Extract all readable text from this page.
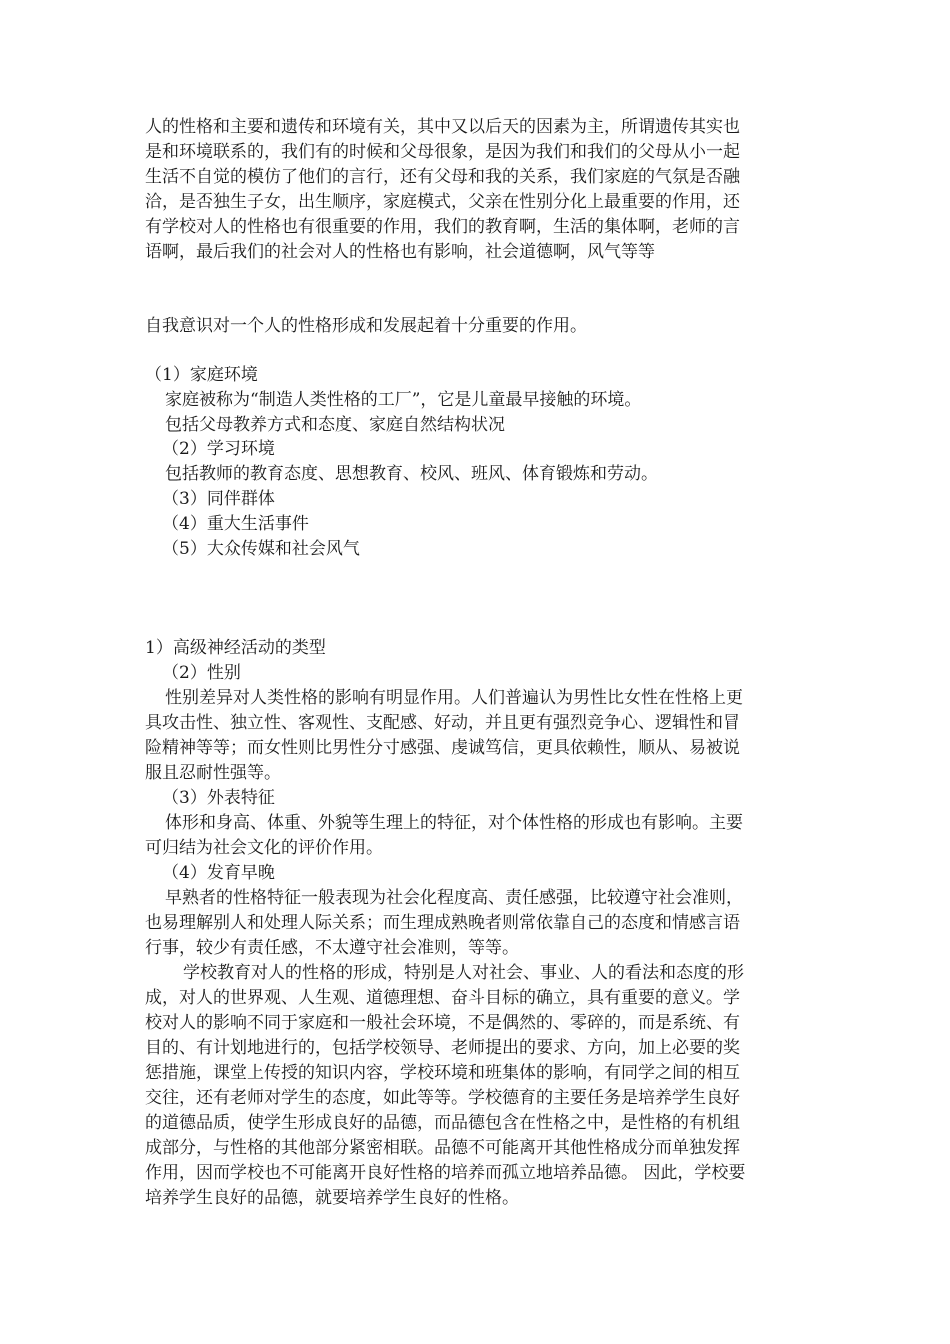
人的性格和主要和遗传和环境有关，其中又以后天的因素为主，所谓遗传其实也
是和环境联系的，我们有的时候和父母很象，是因为我们和我们的父母从小一起
生活不自觉的模仿了他们的言行，还有父母和我的关系，我们家庭的气氛是否融
洽，是否独生子女，出生顺序，家庭模式，父亲在性别分化上最重要的作用，还
有学校对人的性格也有很重要的作用，我们的教育啊，生活的集体啊，老师的言
语啊，最后我们的社会对人的性格也有影响，社会道德啊，风气等等
自我意识对一个人的性格形成和发展起着十分重要的作用。
（1）家庭环境
家庭被称为“制造人类性格的工厂”，它是儿童最早接触的环境。
包括父母教养方式和态度、家庭自然结构状况
（2）学习环境
包括教师的教育态度、思想教育、校风、班风、体育锻炼和劳动。
（3）同伴群体
（4）重大生活事件
（5）大众传媒和社会风气
1）高级神经活动的类型
（2）性别
性别差异对人类性格的影响有明显作用。人们普遍认为男性比女性在性格上更
具攻击性、独立性、客观性、支配感、好动，并且更有强烈竞争心、逻辑性和冒
险精神等等；而女性则比男性分寸感强、虔诚笃信，更具依赖性，顺从、易被说
服且忍耐性强等。
（3）外表特征
体形和身高、体重、外貌等生理上的特征，对个体性格的形成也有影响。主要
可归结为社会文化的评价作用。
（4）发育早晚
早熟者的性格特征一般表现为社会化程度高、责任感强，比较遵守社会准则，
也易理解别人和处理人际关系；而生理成熟晚者则常依靠自己的态度和情感言语
行事，较少有责任感，不太遵守社会准则，等等。
学校教育对人的性格的形成，特别是人对社会、事业、人的看法和态度的形
成，对人的世界观、人生观、道德理想、奋斗目标的确立，具有重要的意义。学
校对人的影响不同于家庭和一般社会环境，不是偶然的、零碎的，而是系统、有
目的、有计划地进行的，包括学校领导、老师提出的要求、方向，加上必要的奖
惩措施，课堂上传授的知识内容，学校环境和班集体的影响，有同学之间的相互
交往，还有老师对学生的态度，如此等等。学校德育的主要任务是培养学生良好
的道德品质，使学生形成良好的品德，而品德包含在性格之中，是性格的有机组
成部分，与性格的其他部分紧密相联。品德不可能离开其他性格成分而单独发挥
作用，因而学校也不可能离开良好性格的培养而孤立地培养品德。 因此，学校要
培养学生良好的品德，就要培养学生良好的性格。
